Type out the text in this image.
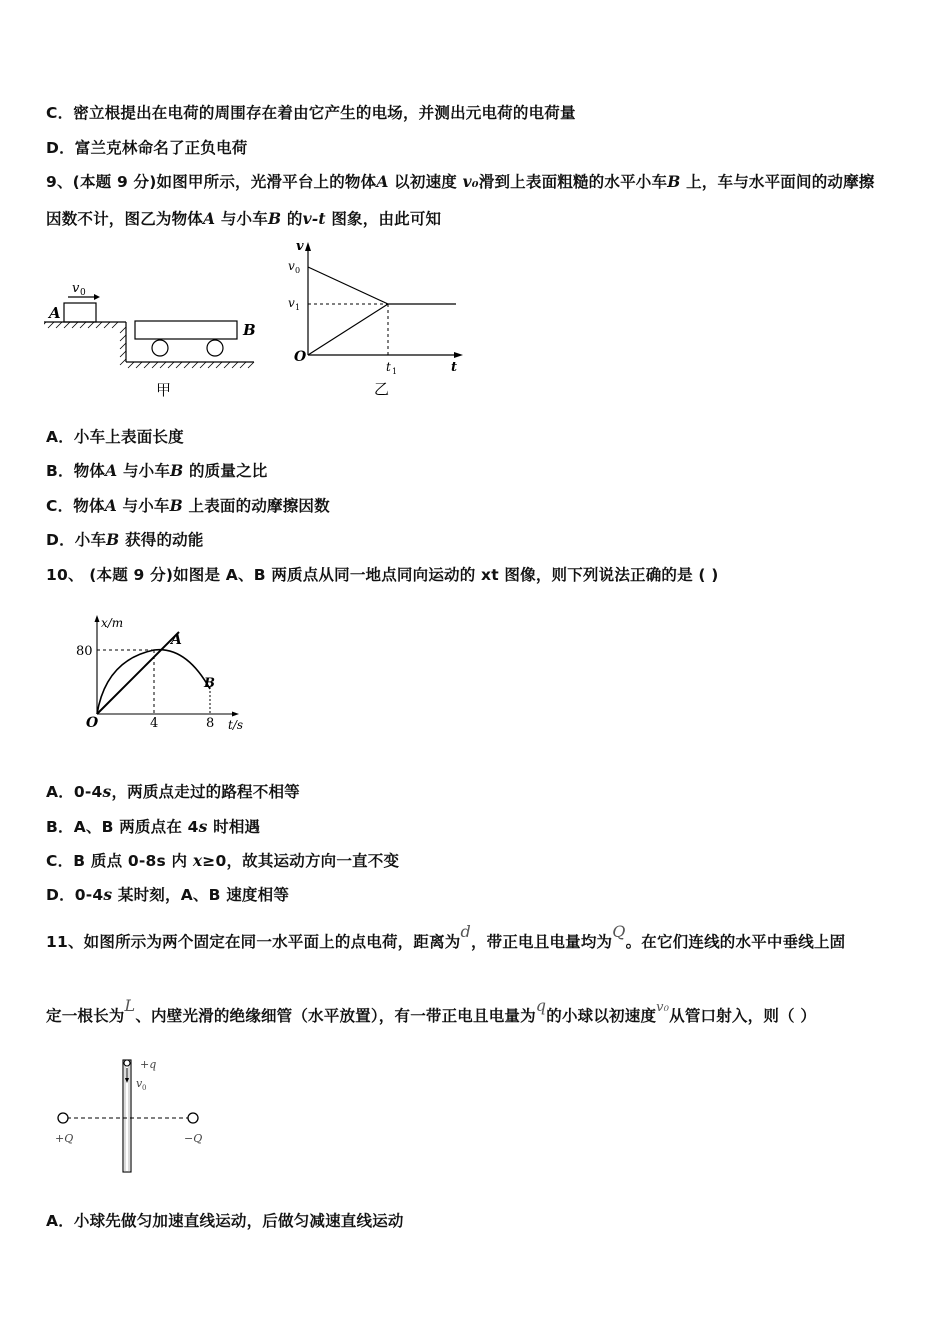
C．密立根提出在电荷的周围存在着由它产生的电场，并测出元电荷的电荷量
D．富兰克林命名了正负电荷
9、(本题 9 分)如图甲所示，光滑平台上的物体A 以初速度 v₀滑到上表面粗糙的水平小车B 上，车与水平面间的动摩擦
因数不计，图乙为物体A 与小车B 的v-t 图象，由此可知
v 0
A
B
甲
v
v 0
v 1
O
t 1	t
乙
A．小车上表面长度
B．物体A 与小车B 的质量之比
C．物体A 与小车B 上表面的动摩擦因数
D．小车B 获得的动能
10、 (本题 9 分)如图是 A、B 两质点从同一地点同向运动的 xt 图像，则下列说法正确的是 ( )
x/m
80
A
B
O	4	8 t/s
A．0-4s，两质点走过的路程不相等
B．A、B 两质点在 4s 时相遇
C．B 质点 0-8s 内 x≥0，故其运动方向一直不变
D．0-4s 某时刻，A、B 速度相等
11、如图所示为两个固定在同一水平面上的点电荷，距离为d，带正电且电量均为Q。在它们连线的水平中垂线上固
定一根长为L、内壁光滑的绝缘细管（水平放置），有一带正电且电量为q的小球以初速度$^{v_0}$从管口射入，则（ ）
+q
v 0
+Q	−Q
A．小球先做匀加速直线运动，后做匀减速直线运动
